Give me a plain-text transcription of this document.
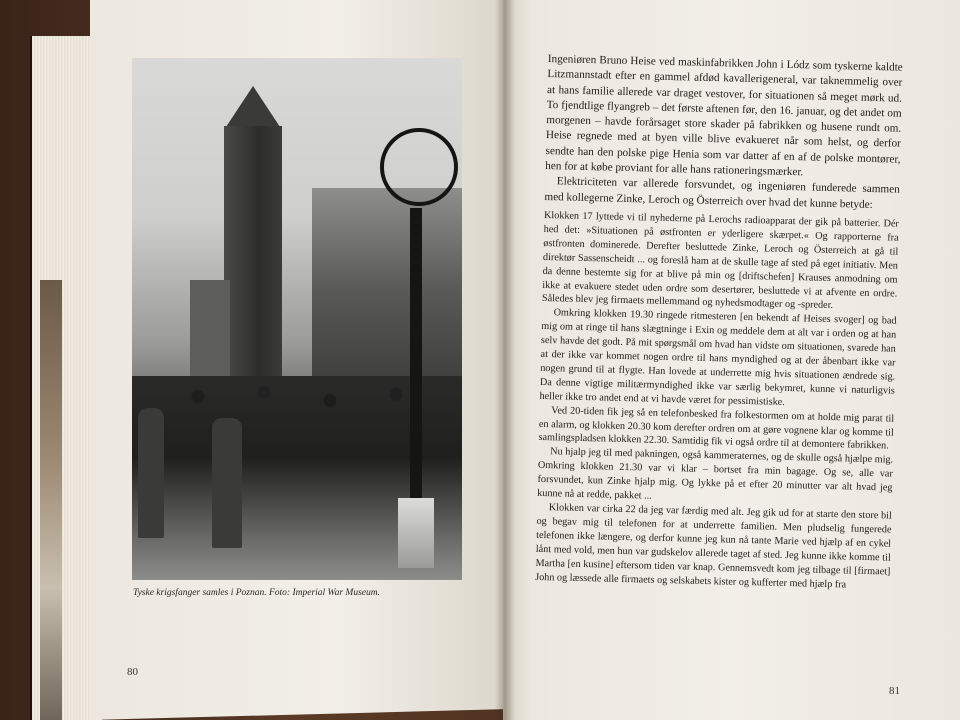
Tyske krigsfanger samles i Poznan. Foto: Imperial War Museum.
80

Ingeniøren Bruno Heise ved maskinfabrikken John i Lódz som tyskerne kaldte Litzmannstadt efter en gammel afdød kavallerigeneral, var taknemmelig over at hans familie allerede var draget vestover, for situationen så meget mørk ud. To fjendtlige flyangreb – det første aftenen før, den 16. januar, og det andet om morgenen – havde forårsaget store skader på fabrikken og husene rundt om. Heise regnede med at byen ville blive evakueret når som helst, og derfor sendte han den polske pige Henia som var datter af en af de polske montører, hen for at købe proviant for alle hans rationeringsmærker.

Elektriciteten var allerede forsvundet, og ingeniøren funderede sammen med kollegerne Zinke, Leroch og Österreich over hvad det kunne betyde:

Klokken 17 lyttede vi til nyhederne på Lerochs radioapparat der gik på batterier. Dér hed det: »Situationen på østfronten er yderligere skærpet.« Og rapporterne fra østfronten dominerede. Derefter besluttede Zinke, Leroch og Österreich at gå til direktør Sassenscheidt ... og foreslå ham at de skulle tage af sted på eget initiativ. Men da denne bestemte sig for at blive på min og [driftschefen] Krauses anmodning om ikke at evakuere stedet uden ordre som desertører, besluttede vi at afvente en ordre. Således blev jeg firmaets mellemmand og nyhedsmodtager og -spreder.

Omkring klokken 19.30 ringede ritmesteren [en bekendt af Heises svoger] og bad mig om at ringe til hans slægtninge i Exin og meddele dem at alt var i orden og at han selv havde det godt. På mit spørgsmål om hvad han vidste om situationen, svarede han at der ikke var kommet nogen ordre til hans myndighed og at der åbenbart ikke var nogen grund til at flygte. Han lovede at underrette mig hvis situationen ændrede sig. Da denne vigtige militærmyndighed ikke var særlig bekymret, kunne vi naturligvis heller ikke tro andet end at vi havde været for pessimistiske.

Ved 20-tiden fik jeg så en telefonbesked fra folkestormen om at holde mig parat til en alarm, og klokken 20.30 kom derefter ordren om at gøre vognene klar og komme til samlingspladsen klokken 22.30. Samtidig fik vi også ordre til at demontere fabrikken.

Nu hjalp jeg til med pakningen, også kammeraternes, og de skulle også hjælpe mig. Omkring klokken 21.30 var vi klar – bortset fra min bagage. Og se, alle var forsvundet, kun Zinke hjalp mig. Og lykke på et efter 20 minutter var alt hvad jeg kunne nå at redde, pakket ...

Klokken var cirka 22 da jeg var færdig med alt. Jeg gik ud for at starte den store bil og begav mig til telefonen for at underrette familien. Men pludselig fungerede telefonen ikke længere, og derfor kunne jeg kun nå tante Marie ved hjælp af en cykel lånt med vold, men hun var gudskelov allerede taget af sted. Jeg kunne ikke komme til Martha [en kusine] eftersom tiden var knap. Gennemsvedt kom jeg tilbage til [firmaet] John og læssede alle firmaets og selskabets kister og kufferter med hjælp fra

81
